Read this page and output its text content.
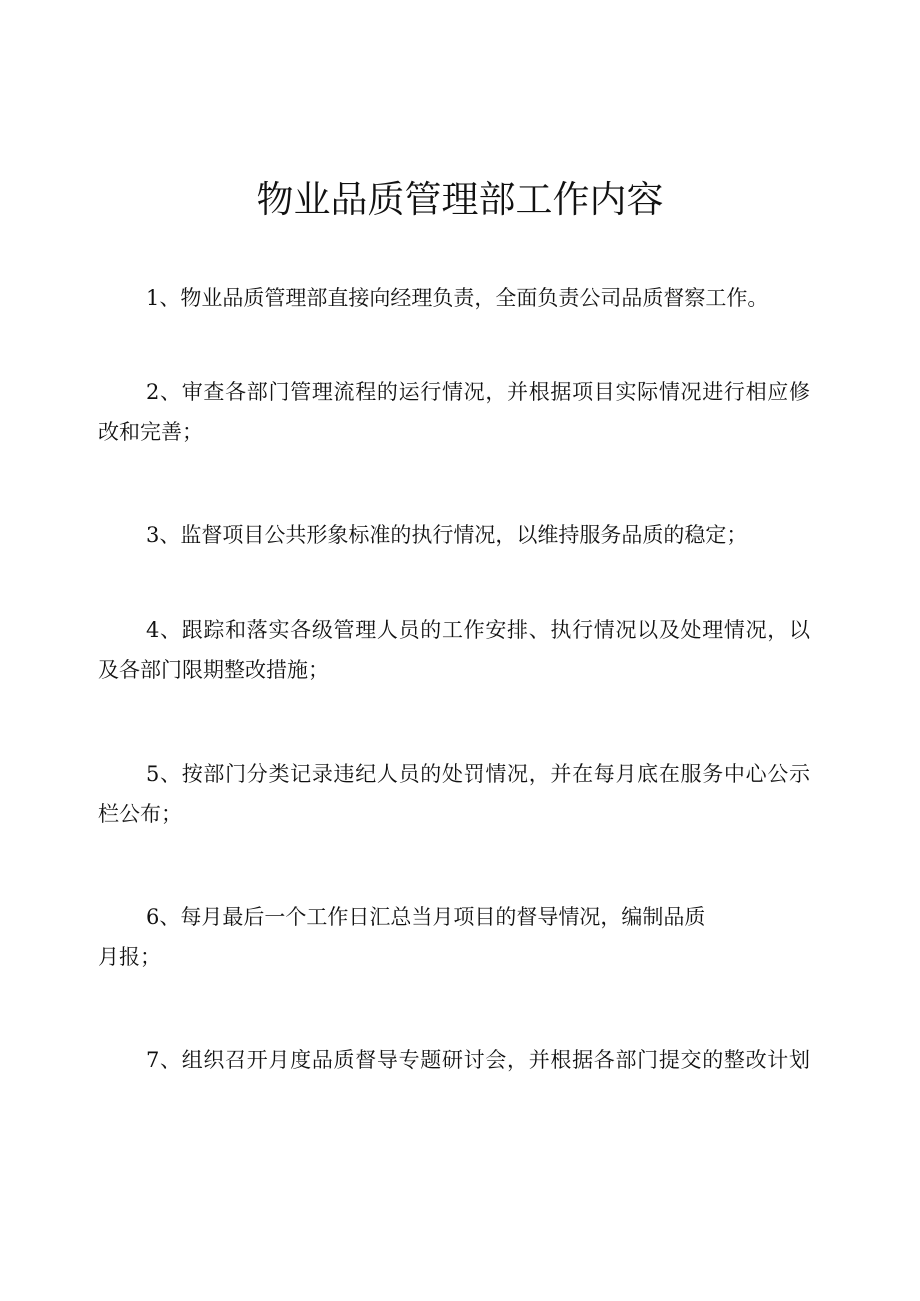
物业品质管理部工作内容
1、物业品质管理部直接向经理负责，全面负责公司品质督察工作。
2、审查各部门管理流程的运行情况，并根据项目实际情况进行相应修
改和完善；
3、监督项目公共形象标准的执行情况，以维持服务品质的稳定；
4、跟踪和落实各级管理人员的工作安排、执行情况以及处理情况，以
及各部门限期整改措施；
5、按部门分类记录违纪人员的处罚情况，并在每月底在服务中心公示
栏公布；
6、每月最后一个工作日汇总当月项目的督导情况，编制品质
月报；
7、组织召开月度品质督导专题研讨会，并根据各部门提交的整改计划
